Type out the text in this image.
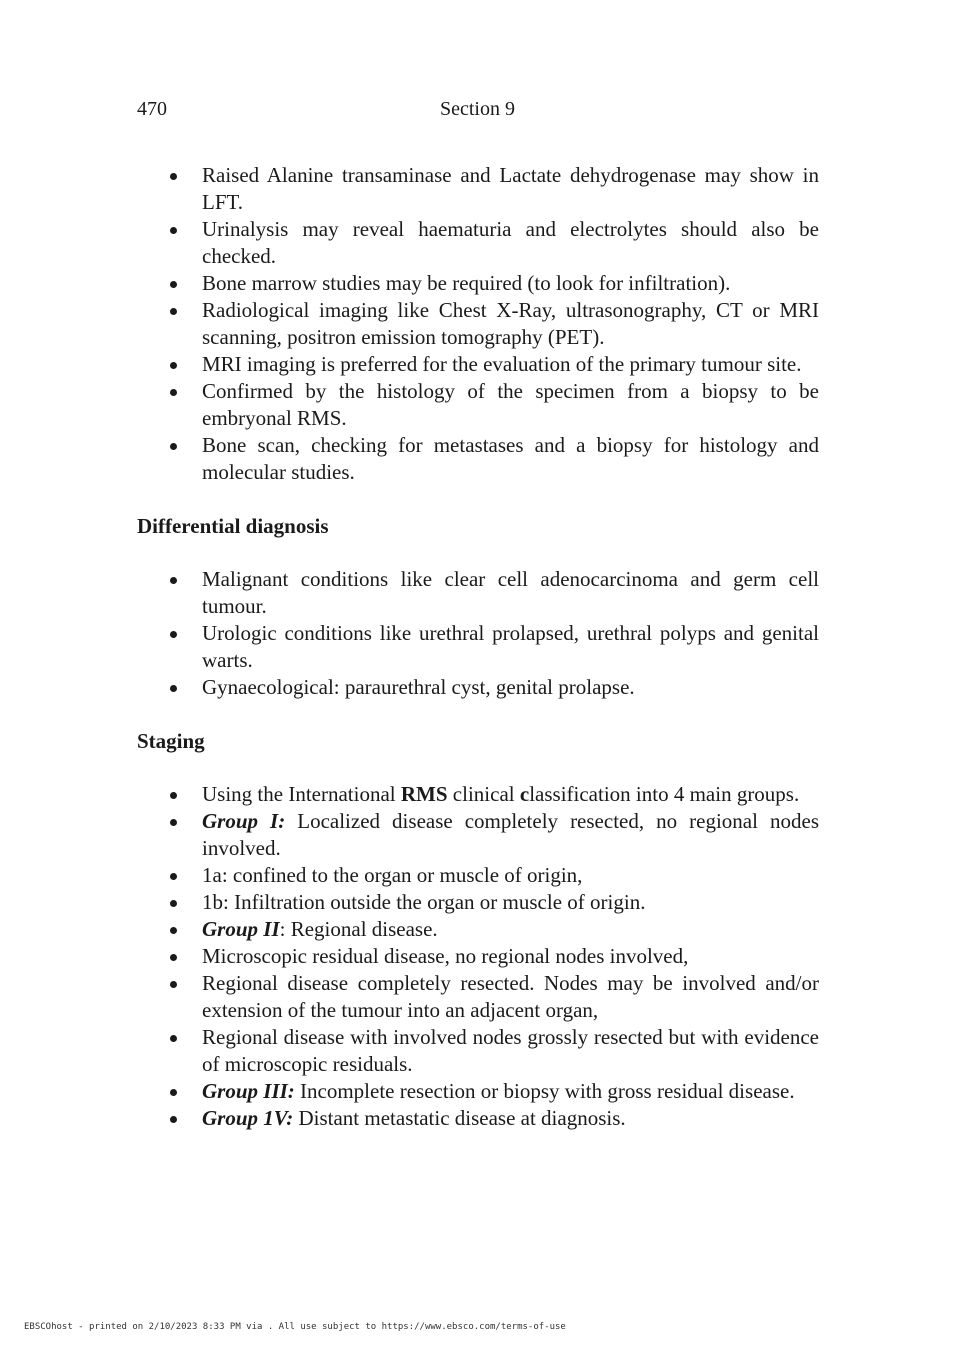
470	Section 9
Raised Alanine transaminase and Lactate dehydrogenase may show in LFT.
Urinalysis may reveal haematuria and electrolytes should also be checked.
Bone marrow studies may be required (to look for infiltration).
Radiological imaging like Chest X-Ray, ultrasonography, CT or MRI scanning, positron emission tomography (PET).
MRI imaging is preferred for the evaluation of the primary tumour site.
Confirmed by the histology of the specimen from a biopsy to be embryonal RMS.
Bone scan, checking for metastases and a biopsy for histology and molecular studies.
Differential diagnosis
Malignant conditions like clear cell adenocarcinoma and germ cell tumour.
Urologic conditions like urethral prolapsed, urethral polyps and genital warts.
Gynaecological: paraurethral cyst, genital prolapse.
Staging
Using the International RMS clinical classification into 4 main groups.
Group I: Localized disease completely resected, no regional nodes involved.
1a: confined to the organ or muscle of origin,
1b: Infiltration outside the organ or muscle of origin.
Group II: Regional disease.
Microscopic residual disease, no regional nodes involved,
Regional disease completely resected. Nodes may be involved and/or extension of the tumour into an adjacent organ,
Regional disease with involved nodes grossly resected but with evidence of microscopic residuals.
Group III: Incomplete resection or biopsy with gross residual disease.
Group 1V: Distant metastatic disease at diagnosis.
EBSCOhost - printed on 2/10/2023 8:33 PM via . All use subject to https://www.ebsco.com/terms-of-use
